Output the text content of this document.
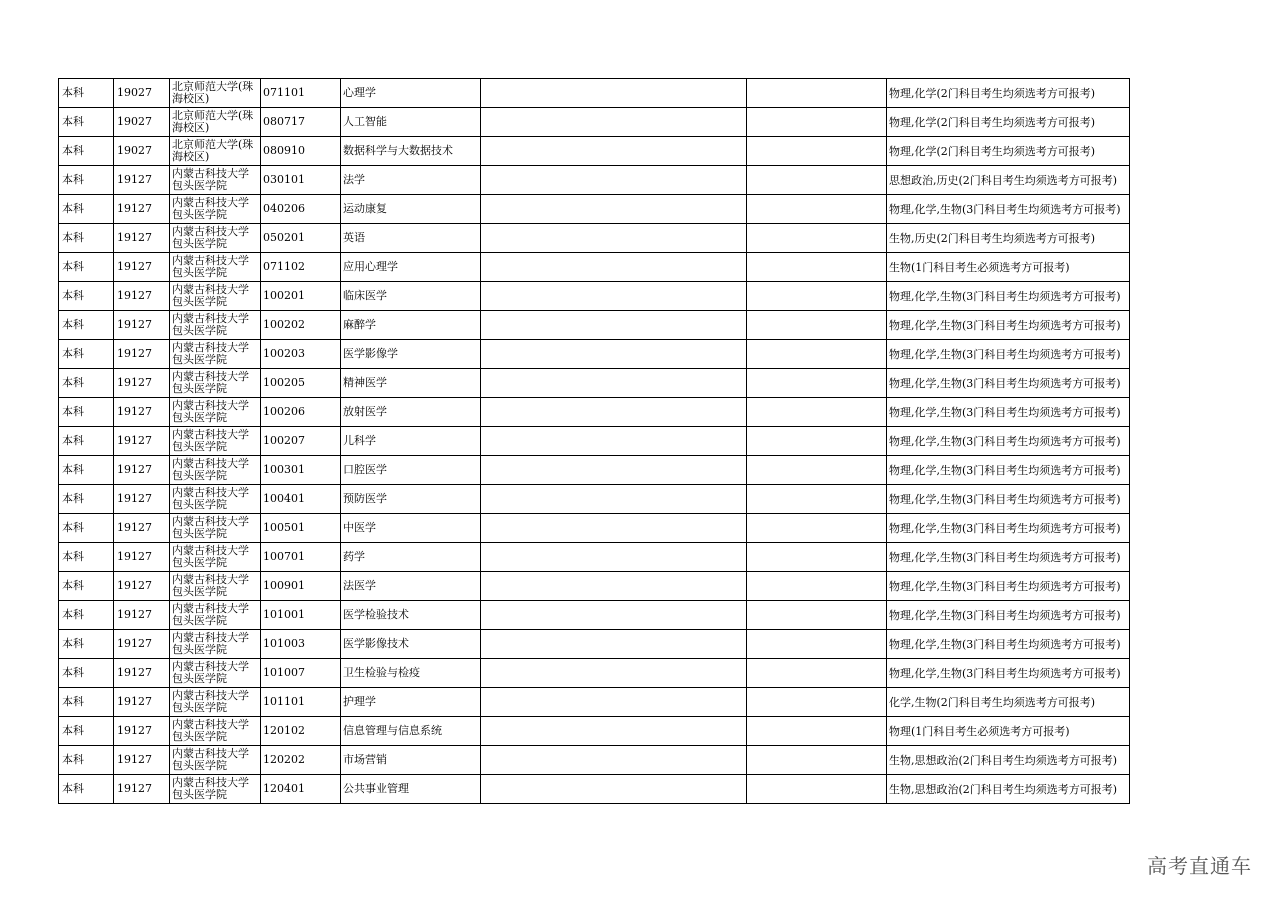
本科	19027	北京师范大学(珠海校区)	071101	心理学			物理,化学(2门科目考生均须选考方可报考)
本科	19027	北京师范大学(珠海校区)	080717	人工智能			物理,化学(2门科目考生均须选考方可报考)
本科	19027	北京师范大学(珠海校区)	080910	数据科学与大数据技术			物理,化学(2门科目考生均须选考方可报考)
本科	19127	内蒙古科技大学包头医学院	030101	法学			思想政治,历史(2门科目考生均须选考方可报考)
本科	19127	内蒙古科技大学包头医学院	040206	运动康复			物理,化学,生物(3门科目考生均须选考方可报考)
本科	19127	内蒙古科技大学包头医学院	050201	英语			生物,历史(2门科目考生均须选考方可报考)
本科	19127	内蒙古科技大学包头医学院	071102	应用心理学			生物(1门科目考生必须选考方可报考)
本科	19127	内蒙古科技大学包头医学院	100201	临床医学			物理,化学,生物(3门科目考生均须选考方可报考)
本科	19127	内蒙古科技大学包头医学院	100202	麻醉学			物理,化学,生物(3门科目考生均须选考方可报考)
本科	19127	内蒙古科技大学包头医学院	100203	医学影像学			物理,化学,生物(3门科目考生均须选考方可报考)
本科	19127	内蒙古科技大学包头医学院	100205	精神医学			物理,化学,生物(3门科目考生均须选考方可报考)
本科	19127	内蒙古科技大学包头医学院	100206	放射医学			物理,化学,生物(3门科目考生均须选考方可报考)
本科	19127	内蒙古科技大学包头医学院	100207	儿科学			物理,化学,生物(3门科目考生均须选考方可报考)
本科	19127	内蒙古科技大学包头医学院	100301	口腔医学			物理,化学,生物(3门科目考生均须选考方可报考)
本科	19127	内蒙古科技大学包头医学院	100401	预防医学			物理,化学,生物(3门科目考生均须选考方可报考)
本科	19127	内蒙古科技大学包头医学院	100501	中医学			物理,化学,生物(3门科目考生均须选考方可报考)
本科	19127	内蒙古科技大学包头医学院	100701	药学			物理,化学,生物(3门科目考生均须选考方可报考)
本科	19127	内蒙古科技大学包头医学院	100901	法医学			物理,化学,生物(3门科目考生均须选考方可报考)
本科	19127	内蒙古科技大学包头医学院	101001	医学检验技术			物理,化学,生物(3门科目考生均须选考方可报考)
本科	19127	内蒙古科技大学包头医学院	101003	医学影像技术			物理,化学,生物(3门科目考生均须选考方可报考)
本科	19127	内蒙古科技大学包头医学院	101007	卫生检验与检疫			物理,化学,生物(3门科目考生均须选考方可报考)
本科	19127	内蒙古科技大学包头医学院	101101	护理学			化学,生物(2门科目考生均须选考方可报考)
本科	19127	内蒙古科技大学包头医学院	120102	信息管理与信息系统			物理(1门科目考生必须选考方可报考)
本科	19127	内蒙古科技大学包头医学院	120202	市场营销			生物,思想政治(2门科目考生均须选考方可报考)
本科	19127	内蒙古科技大学包头医学院	120401	公共事业管理			生物,思想政治(2门科目考生均须选考方可报考)
高考直通车
